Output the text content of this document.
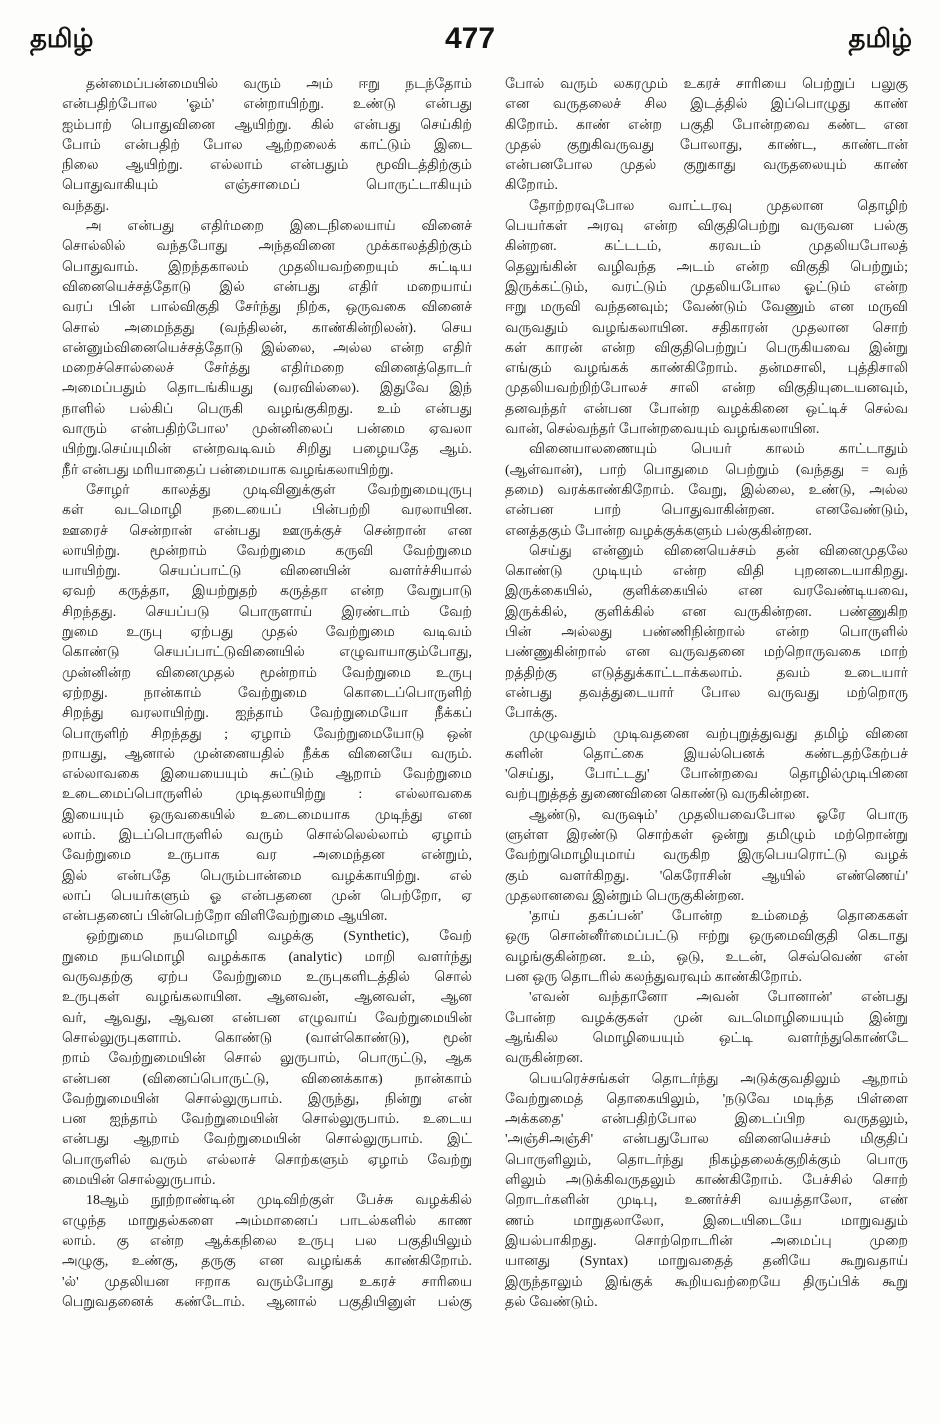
தமிழ்	477	தமிழ்
தன்மைப்பன்மையில் வரும் அம் ஈறு நடந்தோம்
என்பதிற்போல 'ஓம்' என்றாயிற்று. உண்டு என்பது
ஐம்பாற் பொதுவினை ஆயிற்று. கில் என்பது செய்கிற்
போம் என்பதிற் போல ஆற்றலைக் காட்டும் இடை
நிலை ஆயிற்று. எல்லாம் என்பதும் மூவிடத்திற்கும்
பொதுவாகியும் எஞ்சாமைப் பொருட்டாகியும்
வந்தது.
அ என்பது எதிர்மறை இடைநிலையாய் வினைச்
சொல்லில் வந்தபோது அந்தவினை முக்காலத்திற்கும்
பொதுவாம். இறந்தகாலம் முதலியவற்றையும் சுட்டிய
வினையெச்சத்தோடு இல் என்பது எதிர் மறையாய்
வரப் பின் பால்விகுதி சேர்ந்து நிற்க, ஒருவகை வினைச்
சொல் அமைந்தது (வந்திலன், காண்கின்றிலன்). செய
என்னும்வினையெச்சத்தோடு இல்லை, அல்ல என்ற எதிர்
மறைச்சொல்லைச் சேர்த்து எதிர்மறை வினைத்தொடர்
அமைப்பதும் தொடங்கியது (வரவில்லை). இதுவே இந்
நாளில் பல்கிப் பெருகி வழங்குகிறது. உம் என்பது
வாரும் என்பதிற்போல' முன்னிலைப் பன்மை ஏவலா
யிற்று.செய்யுமின் என்றவடிவம் சிறிது பழையதே ஆம்.
நீர் என்பது மரியாதைப் பன்மையாக வழங்கலாயிற்று.
சோழர் காலத்து முடிவினுக்குள் வேற்றுமையுருபு
கள் வடமொழி நடையைப் பின்பற்றி வரலாயின.
ஊரைச் சென்றான் என்பது ஊருக்குச் சென்றான் என
லாயிற்று. மூன்றாம் வேற்றுமை கருவி வேற்றுமை
யாயிற்று. செயப்பாட்டு வினையின் வளர்ச்சியால்
ஏவற் கருத்தா, இயற்றுதற் கருத்தா என்ற வேறுபாடு
சிறந்தது. செயப்படு பொருளாய் இரண்டாம் வேற்
றுமை உருபு ஏற்பது முதல் வேற்றுமை வடிவம்
கொண்டு செயப்பாட்டுவினையில் எழுவாயாகும்போது,
முன்னின்ற வினைமுதல் மூன்றாம் வேற்றுமை உருபு
ஏற்றது. நான்காம் வேற்றுமை கொடைப்பொருளிற்
சிறந்து வரலாயிற்று. ஐந்தாம் வேற்றுமையோ நீக்கப்
பொருளிற் சிறந்தது ; ஏழாம் வேற்றுமையோடு ஒன்
றாயது, ஆனால் முன்னையதில் நீக்க வினையே வரும்.
எல்லாவகை இயையையும் சுட்டும் ஆறாம் வேற்றுமை
உடைமைப்பொருளில் முடிதலாயிற்று : எல்லாவகை
இயையும் ஒருவகையில் உடைமையாக முடிந்து என
லாம். இடப்பொருளில் வரும் சொல்லெல்லாம் ஏழாம்
வேற்றுமை உருபாக வர அமைந்தன என்றும்,
இல் என்பதே பெரும்பான்மை வழக்காயிற்று. எல்
லாப் பெயர்களும் ஓ என்பதனை முன் பெற்றோ, ஏ
என்பதனைப் பின்பெற்றோ விளிவேற்றுமை ஆயின.
ஒற்றுமை நயமொழி வழக்கு (Synthetic), வேற்
றுமை நயமொழி வழக்காக (analytic) மாறி வளர்ந்து
வருவதற்கு ஏற்ப வேற்றுமை உருபுகளிடத்தில் சொல்
உருபுகள் வழங்கலாயின. ஆனவன், ஆனவள், ஆன
வர், ஆவது, ஆவன என்பன எழுவாய் வேற்றுமையின்
சொல்லுருபுகளாம். கொண்டு (வாள்கொண்டு), மூன்
றாம் வேற்றுமையின் சொல் லுருபாம், பொருட்டு, ஆக
என்பன (வினைப்பொருட்டு, வினைக்காக) நான்காம்
வேற்றுமையின் சொல்லுருபாம். இருந்து, நின்று என்
பன ஐந்தாம் வேற்றுமையின் சொல்லுருபாம். உடைய
என்பது ஆறாம் வேற்றுமையின் சொல்லுருபாம். இட்
பொருளில் வரும் எல்லாச் சொற்களும் ஏழாம் வேற்று
மையின் சொல்லுருபாம்.
18ஆம் நூற்றாண்டின் முடிவிற்குள் பேச்சு வழக்கில்
எழுந்த மாறுதல்களை அம்மானைப் பாடல்களில் காண
லாம். கு என்ற ஆக்கநிலை உருபு பல பகுதியிலும்
அழுகு, உண்கு, தருகு என வழங்கக் காண்கிறோம்.
'ல்' முதலியன ஈறாக வரும்போது உகரச் சாரியை
பெறுவதனைக் கண்டோம். ஆனால் பகுதியினுள் பல்கு
போல் வரும் லகரமும் உகரச் சாரியை பெற்றுப் பலுகு
என வருதலைச் சில இடத்தில் இப்பொழுது காண்
கிறோம். காண் என்ற பகுதி போன்றவை கண்ட என
முதல் குறுகிவருவது போலாது, காண்ட, காண்டான்
என்பனபோல முதல் குறுகாது வருதலையும் காண்
கிறோம்.
தோற்றரவுபோல வாட்டரவு முதலான தொழிற்
பெயர்கள் அரவு என்ற விகுதிபெற்று வருவன பல்கு
கின்றன. கட்டடம், கரவடம் முதலியபோலத்
தெலுங்கின் வழிவந்த அடம் என்ற விகுதி பெற்றும்;
இருக்கட்டும், வரட்டும் முதலியபோல ஓட்டும் என்ற
ஈறு மருவி வந்தனவும்; வேண்டும் வேணும் என மருவி
வருவதும் வழங்கலாயின. சதிகாரன் முதலான சொற்
கள் காரன் என்ற விகுதிபெற்றுப் பெருகியவை இன்று
எங்கும் வழங்கக் காண்கிறோம். தன்மசாலி, புத்திசாலி
முதலியவற்றிற்போலச் சாலி என்ற விகுதியுடையனவும்,
தனவந்தர் என்பன போன்ற வழக்கினை ஒட்டிச் செல்வ
வான், செல்வந்தர் போன்றவையும் வழங்கலாயின.
வினையாலணையும் பெயர் காலம் காட்டாதும்
(ஆள்வான்), பாற் பொதுமை பெற்றும் (வந்தது = வந்
தமை) வரக்காண்கிறோம். வேறு, இல்லை, உண்டு, அல்ல
என்பன பாற் பொதுவாகின்றன. எனவேண்டும்,
எனத்தகும் போன்ற வழக்குக்களும் பல்குகின்றன.
செய்து என்னும் வினையெச்சம் தன் வினைமுதலே
கொண்டு முடியும் என்ற விதி புறனடையாகிறது.
இருக்கையில், குளிக்கையில் என வரவேண்டியவை,
இருக்கில், குளிக்கில் என வருகின்றன. பண்ணுகிற
பின் அல்லது பண்ணிநின்றால் என்ற பொருளில்
பண்ணுகின்றால் என வருவதனை மற்றொருவகை மாற்
றத்திற்கு எடுத்துக்காட்டாக்கலாம். தவம் உடையார்
என்பது தவத்துடையார் போல வருவது மற்றொரு
போக்கு.
முழுவதும் முடிவதனை வற்புறுத்துவது தமிழ் வினை
களின் தொட்கை இயல்பெனக் கண்டதற்கேற்பச்
'செய்து, போட்டது' போன்றவை தொழில்முடிபினை
வற்புறுத்தத் துணைவினை கொண்டு வருகின்றன.
ஆண்டு, வருஷம்' முதலியவைபோல ஓரே பொரு
ளுள்ள இரண்டு சொற்கள் ஒன்று தமிழும் மற்றொன்று
வேற்றுமொழியுமாய் வருகிற இருபெயரொட்டு வழக்
கும் வளர்கிறது. 'கெரோசின் ஆயில் எண்ணெய்'
முதலானவை இன்றும் பெருகுகின்றன.
'தாய் தகப்பன்' போன்ற உம்மைத் தொகைகள்
ஒரு சொன்னீர்மைப்பட்டு ஈற்று ஒருமைவிகுதி கெடாது
வழங்குகின்றன. உம், ஒடு, உடன், செவ்வெண் என்
பன ஒரு தொடரில் கலந்துவரவும் காண்கிறோம்.
'எவன் வந்தானோ அவன் போனான்' என்பது
போன்ற வழக்குகள் முன் வடமொழியையும் இன்று
ஆங்கில மொழியையும் ஒட்டி வளர்ந்துகொண்டே
வருகின்றன.
பெயரெச்சங்கள் தொடர்ந்து அடுக்குவதிலும் ஆறாம்
வேற்றுமைத் தொகையிலும், 'நடுவே மடிந்த பிள்ளை
அக்கதை' என்பதிற்போல இடைப்பிற வருதலும்,
'அஞ்சிஅஞ்சி' என்பதுபோல வினையெச்சம் மிகுதிப்
பொருளிலும், தொடர்ந்து நிகழ்தலைக்குறிக்கும் பொரு
ளிலும் அடுக்கிவருதலும் காண்கிறோம். பேச்சில் சொற்
றொடர்களின் முடிபு, உணர்ச்சி வயத்தாலோ, எண்
ணம் மாறுதலாலோ, இடையிடையே மாறுவதும்
இயல்பாகிறது. சொற்றொடரின் அமைப்பு முறை
யானது (Syntax) மாறுவதைத் தனியே கூறுவதாய்
இருந்தாலும் இங்குக் கூறியவற்றையே திருப்பிக் கூறு
தல் வேண்டும்.
